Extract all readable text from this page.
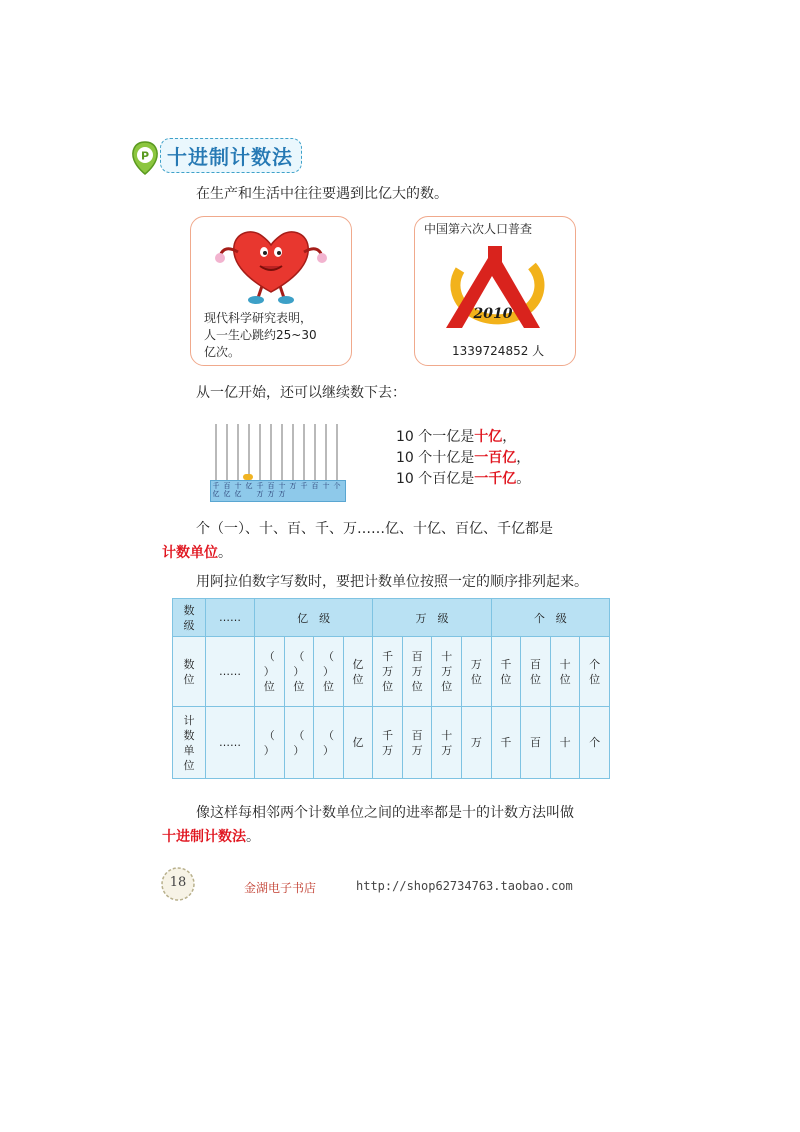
P 十进制计数法
在生产和生活中往往要遇到比亿大的数。
现代科学研究表明，
人一生心跳约25~30
亿次。
中国第六次人口普查
2010
1339724852 人
从一亿开始，还可以继续数下去：
千亿
百亿
十亿
亿 千万
百万
十万
万 千 百 十 个
10 个一亿是十亿，
10 个十亿是一百亿，
10 个百亿是一千亿。
个（一）、十、百、千、万……亿、十亿、百亿、千亿都是
计数单位。
用阿拉伯数字写数时，要把计数单位按照一定的顺序排列起来。
数级	……	亿　级				万　级				个　级			
数位	……	（ ）位	（ ）位	（ ）位	亿位	千万位	百万位	十万位	万位	千位	百位	十位	个位
计数单位	……	（ ）	（ ）	（ ）	亿	千万	百万	十万	万	千	百	十	个
像这样每相邻两个计数单位之间的进率都是十的计数方法叫做
十进制计数法。
18	金湖电子书店	http://shop62734763.taobao.com
